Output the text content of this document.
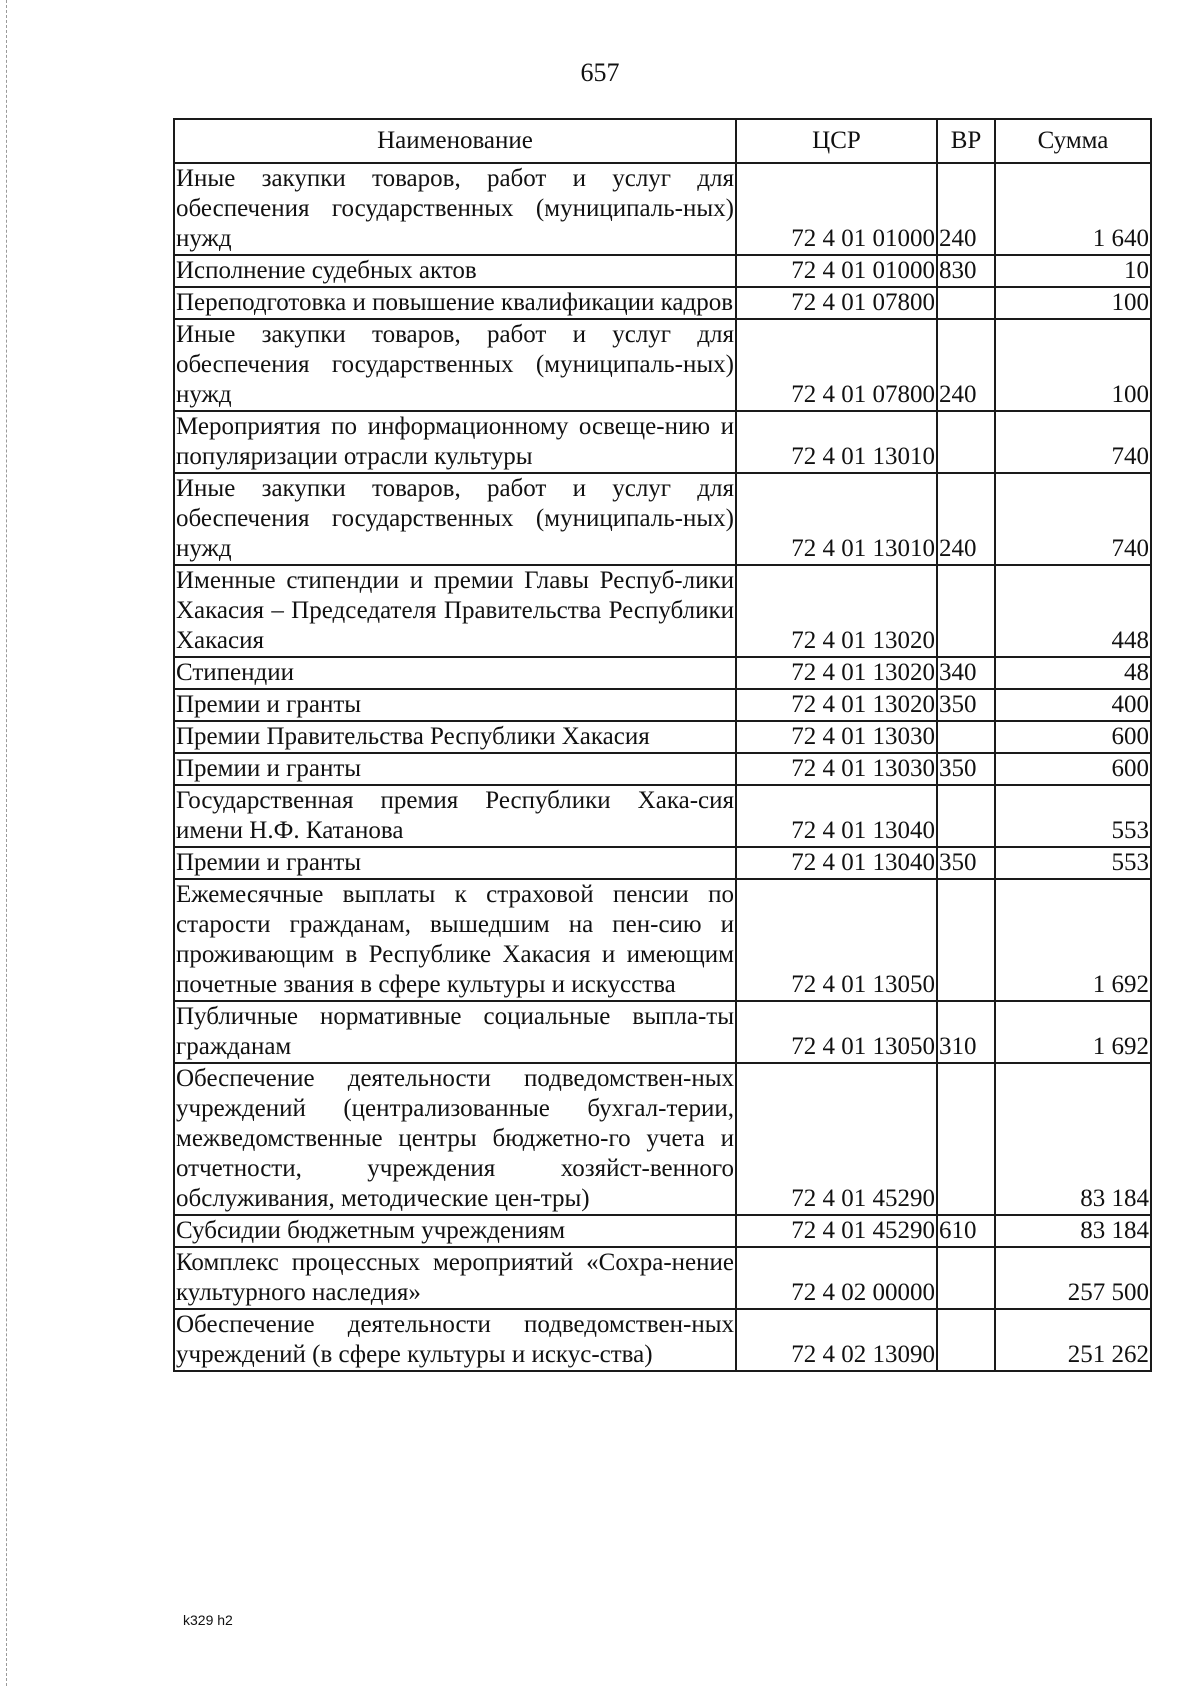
657
Наименование	ЦСР	ВР	Сумма
Иные закупки товаров, работ и услуг для обеспечения государственных (муниципаль-ных) нужд	72 4 01 01000	240	1 640
Исполнение судебных актов	72 4 01 01000	830	10
Переподготовка и повышение квалификации кадров	72 4 01 07800		100
Иные закупки товаров, работ и услуг для обеспечения государственных (муниципаль-ных) нужд	72 4 01 07800	240	100
Мероприятия по информационному освеще-нию и популяризации отрасли культуры	72 4 01 13010		740
Иные закупки товаров, работ и услуг для обеспечения государственных (муниципаль-ных) нужд	72 4 01 13010	240	740
Именные стипендии и премии Главы Респуб-лики Хакасия – Председателя Правительства Республики Хакасия	72 4 01 13020		448
Стипендии	72 4 01 13020	340	48
Премии и гранты	72 4 01 13020	350	400
Премии Правительства Республики Хакасия	72 4 01 13030		600
Премии и гранты	72 4 01 13030	350	600
Государственная премия Республики Хака-сия имени Н.Ф. Катанова	72 4 01 13040		553
Премии и гранты	72 4 01 13040	350	553
Ежемесячные выплаты к страховой пенсии по старости гражданам, вышедшим на пен-сию и проживающим в Республике Хакасия и имеющим почетные звания в сфере культуры и искусства	72 4 01 13050		1 692
Публичные нормативные социальные выпла-ты гражданам	72 4 01 13050	310	1 692
Обеспечение деятельности подведомствен-ных учреждений (централизованные бухгал-терии, межведомственные центры бюджетно-го учета и отчетности, учреждения хозяйст-венного обслуживания, методические цен-тры)	72 4 01 45290		83 184
Субсидии бюджетным учреждениям	72 4 01 45290	610	83 184
Комплекс процессных мероприятий «Сохра-нение культурного наследия»	72 4 02 00000		257 500
Обеспечение деятельности подведомствен-ных учреждений (в сфере культуры и искус-ства)	72 4 02 13090		251 262
k329 h2
